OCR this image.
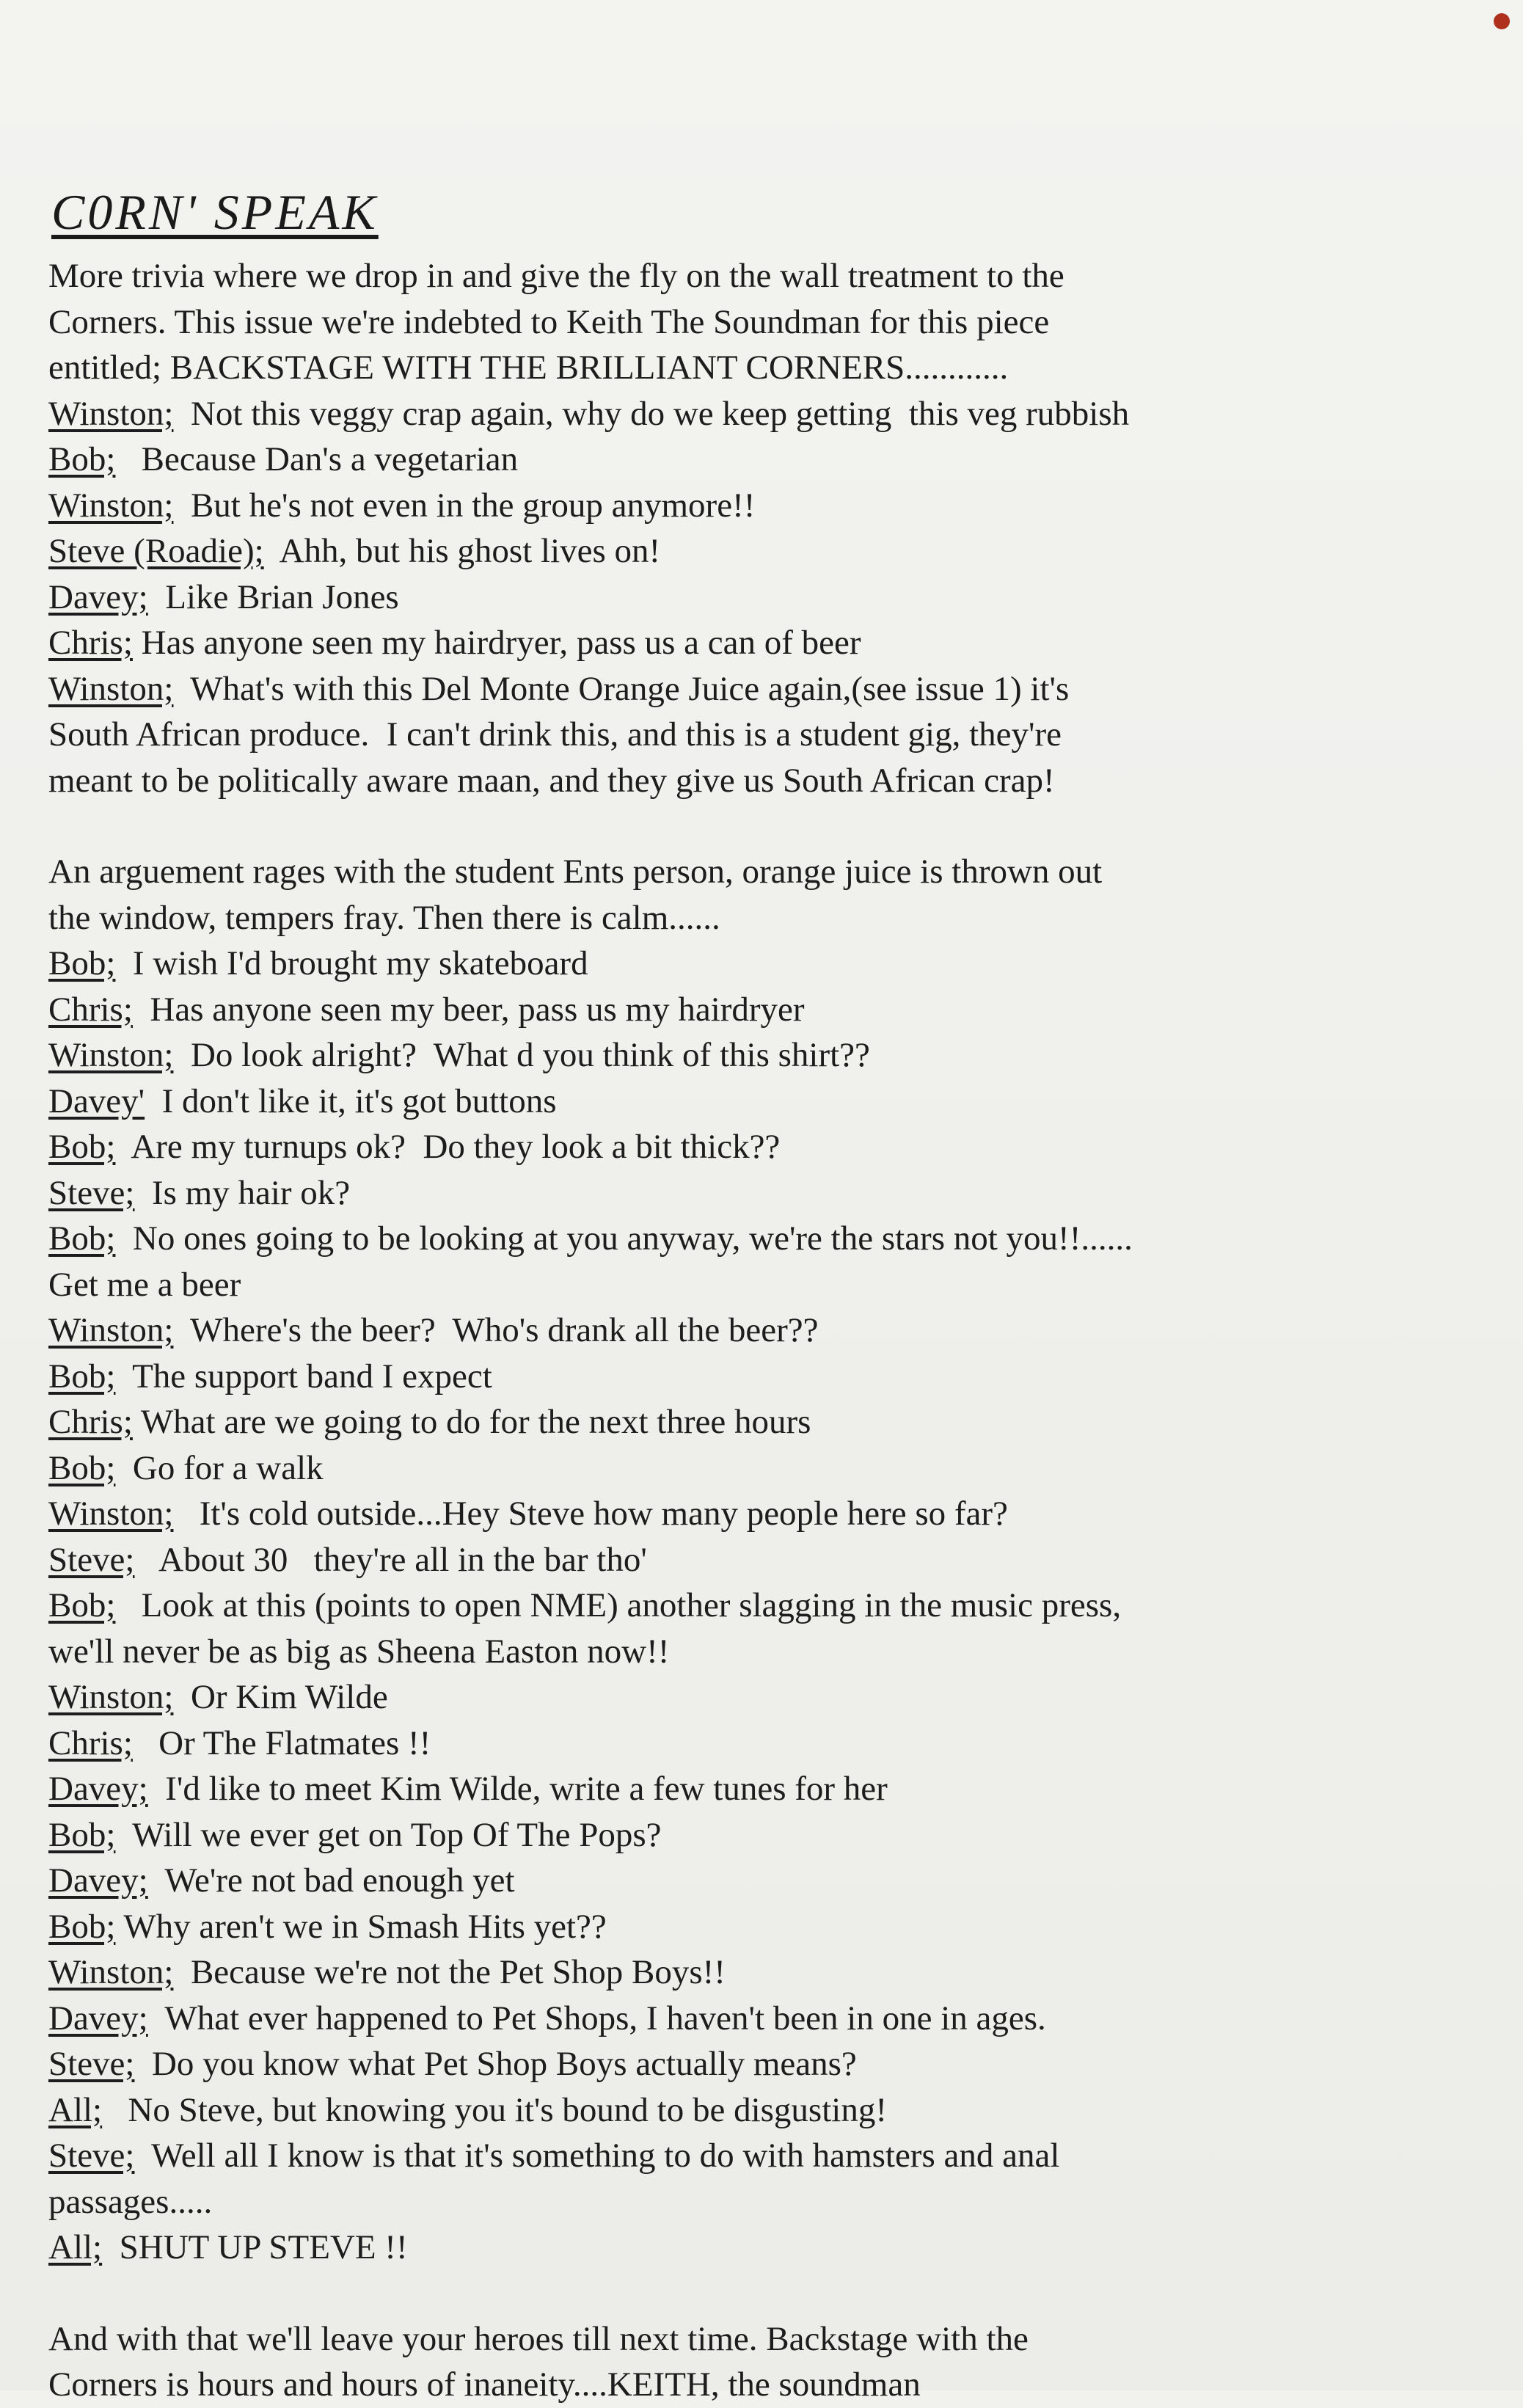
C0RN' SPEAK
More trivia where we drop in and give the fly on the wall treatment to the
Corners. This issue we're indebted to Keith The Soundman for this piece
entitled; BACKSTAGE WITH THE BRILLIANT CORNERS............
Winston;  Not this veggy crap again, why do we keep getting  this veg rubbish
Bob;   Because Dan's a vegetarian
Winston;  But he's not even in the group anymore!!
Steve (Roadie);  Ahh, but his ghost lives on!
Davey;  Like Brian Jones
Chris; Has anyone seen my hairdryer, pass us a can of beer
Winston;  What's with this Del Monte Orange Juice again,(see issue 1) it's
South African produce.  I can't drink this, and this is a student gig, they're
meant to be politically aware maan, and they give us South African crap!
An arguement rages with the student Ents person, orange juice is thrown out
the window, tempers fray. Then there is calm......
Bob;  I wish I'd brought my skateboard
Chris;  Has anyone seen my beer, pass us my hairdryer
Winston;  Do look alright?  What d you think of this shirt??
Davey'  I don't like it, it's got buttons
Bob;  Are my turnups ok?  Do they look a bit thick??
Steve;  Is my hair ok?
Bob;  No ones going to be looking at you anyway, we're the stars not you!!......
Get me a beer
Winston;  Where's the beer?  Who's drank all the beer??
Bob;  The support band I expect
Chris; What are we going to do for the next three hours
Bob;  Go for a walk
Winston;   It's cold outside...Hey Steve how many people here so far?
Steve;   About 30   they're all in the bar tho'
Bob;   Look at this (points to open NME) another slagging in the music press,
we'll never be as big as Sheena Easton now!!
Winston;  Or Kim Wilde
Chris;   Or The Flatmates !!
Davey;  I'd like to meet Kim Wilde, write a few tunes for her
Bob;  Will we ever get on Top Of The Pops?
Davey;  We're not bad enough yet
Bob; Why aren't we in Smash Hits yet??
Winston;  Because we're not the Pet Shop Boys!!
Davey;  What ever happened to Pet Shops, I haven't been in one in ages.
Steve;  Do you know what Pet Shop Boys actually means?
All;   No Steve, but knowing you it's bound to be disgusting!
Steve;  Well all I know is that it's something to do with hamsters and anal
passages.....
All;  SHUT UP STEVE !!
And with that we'll leave your heroes till next time. Backstage with the
Corners is hours and hours of inaneity....KEITH, the soundman
